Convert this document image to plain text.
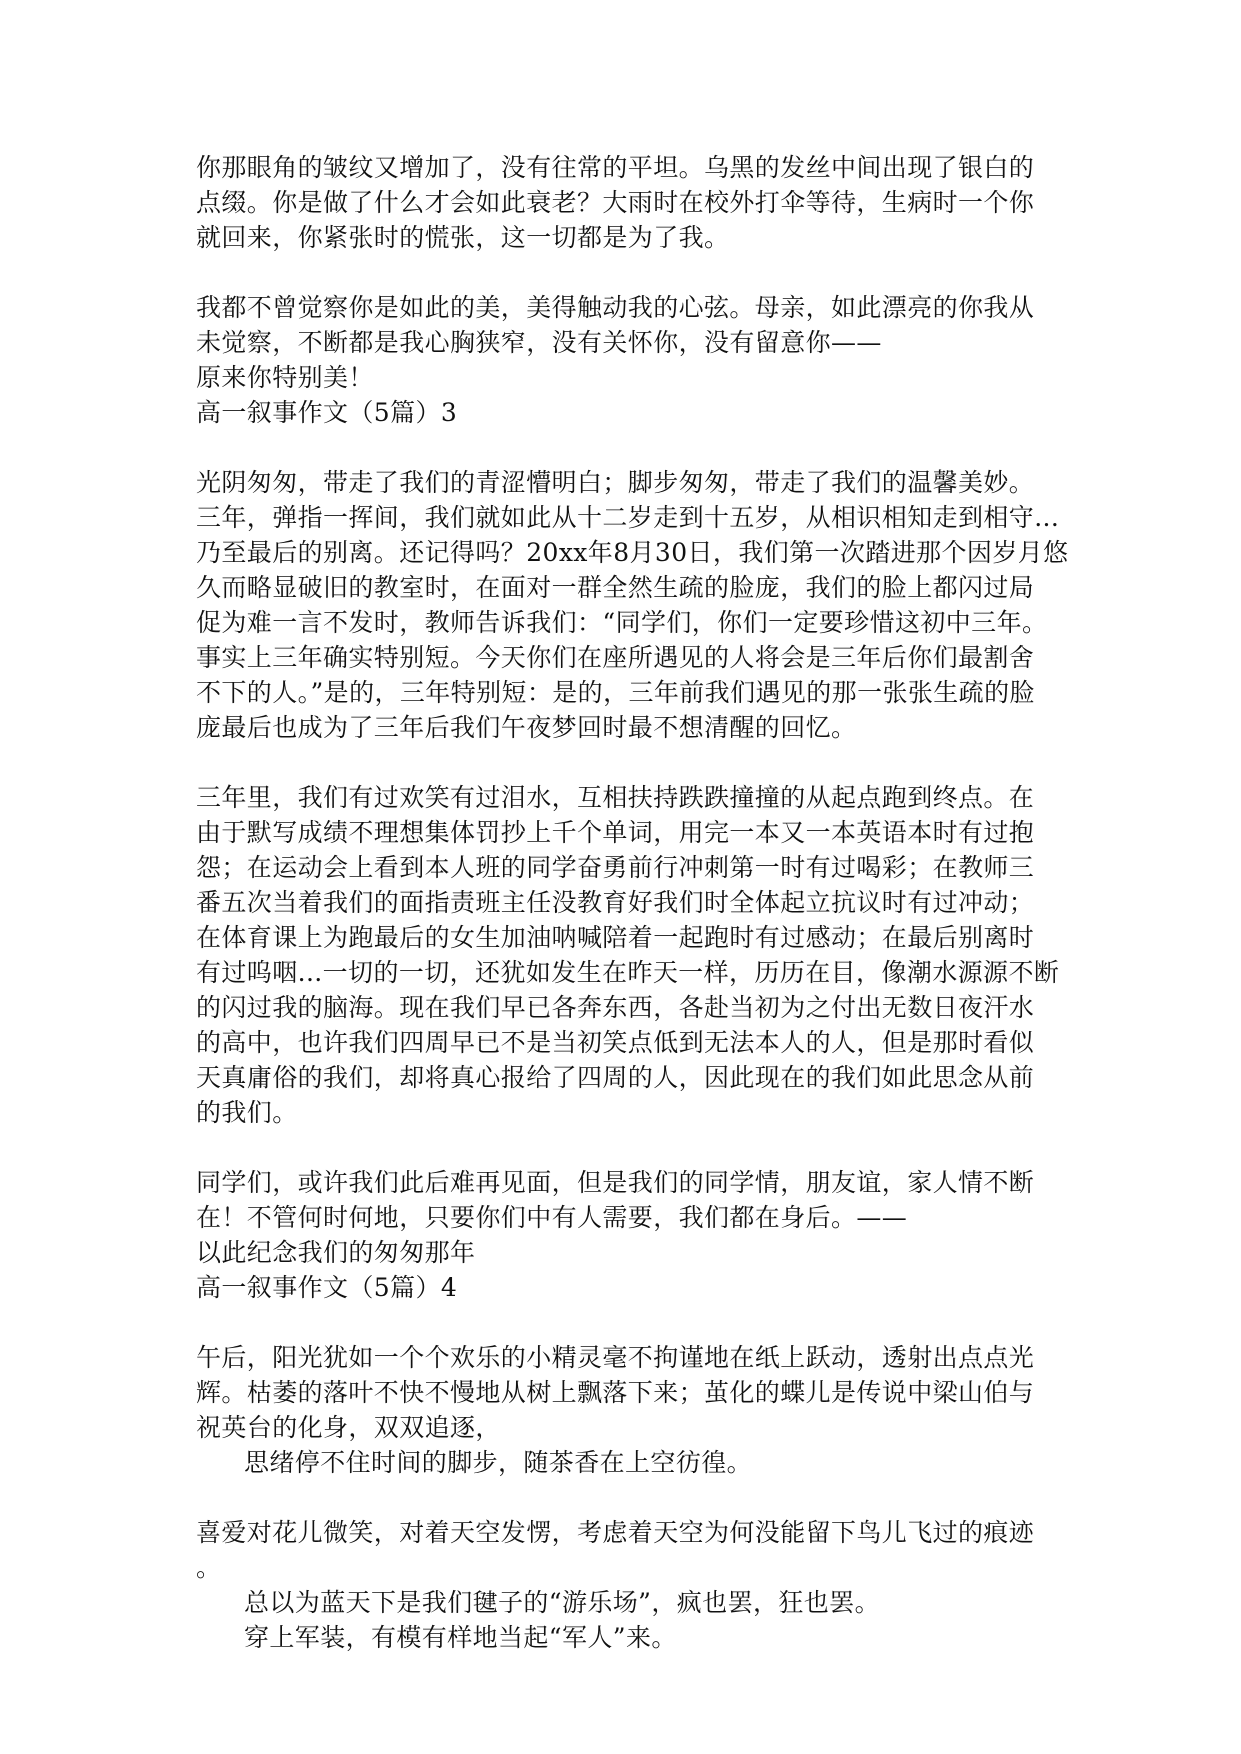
你那眼角的皱纹又增加了，没有往常的平坦。乌黑的发丝中间出现了银白的
点缀。你是做了什么才会如此衰老？大雨时在校外打伞等待，生病时一个你
就回来，你紧张时的慌张，这一切都是为了我。
我都不曾觉察你是如此的美，美得触动我的心弦。母亲，如此漂亮的你我从
未觉察，不断都是我心胸狭窄，没有关怀你，没有留意你——
原来你特别美！
高一叙事作文（5篇）3
光阴匆匆，带走了我们的青涩懵明白；脚步匆匆，带走了我们的温馨美妙。
三年，弹指一挥间，我们就如此从十二岁走到十五岁，从相识相知走到相守...
乃至最后的别离。还记得吗？20xx年8月30日，我们第一次踏进那个因岁月悠
久而略显破旧的教室时，在面对一群全然生疏的脸庞，我们的脸上都闪过局
促为难一言不发时，教师告诉我们：“同学们，你们一定要珍惜这初中三年。
事实上三年确实特别短。今天你们在座所遇见的人将会是三年后你们最割舍
不下的人。”是的，三年特别短：是的，三年前我们遇见的那一张张生疏的脸
庞最后也成为了三年后我们午夜梦回时最不想清醒的回忆。
三年里，我们有过欢笑有过泪水，互相扶持跌跌撞撞的从起点跑到终点。在
由于默写成绩不理想集体罚抄上千个单词，用完一本又一本英语本时有过抱
怨；在运动会上看到本人班的同学奋勇前行冲刺第一时有过喝彩；在教师三
番五次当着我们的面指责班主任没教育好我们时全体起立抗议时有过冲动；
在体育课上为跑最后的女生加油呐喊陪着一起跑时有过感动；在最后别离时
有过呜咽...一切的一切，还犹如发生在昨天一样，历历在目，像潮水源源不断
的闪过我的脑海。现在我们早已各奔东西，各赴当初为之付出无数日夜汗水
的高中，也许我们四周早已不是当初笑点低到无法本人的人，但是那时看似
天真庸俗的我们，却将真心报给了四周的人，因此现在的我们如此思念从前
的我们。
同学们，或许我们此后难再见面，但是我们的同学情，朋友谊，家人情不断
在！不管何时何地，只要你们中有人需要，我们都在身后。——
以此纪念我们的匆匆那年
高一叙事作文（5篇）4
午后，阳光犹如一个个欢乐的小精灵毫不拘谨地在纸上跃动，透射出点点光
辉。枯萎的落叶不快不慢地从树上飘落下来；茧化的蝶儿是传说中梁山伯与
祝英台的化身，双双追逐，
思绪停不住时间的脚步，随茶香在上空彷徨。
喜爱对花儿微笑，对着天空发愣，考虑着天空为何没能留下鸟儿飞过的痕迹
。
总以为蓝天下是我们毽子的“游乐场”，疯也罢，狂也罢。
穿上军装，有模有样地当起“军人”来。
